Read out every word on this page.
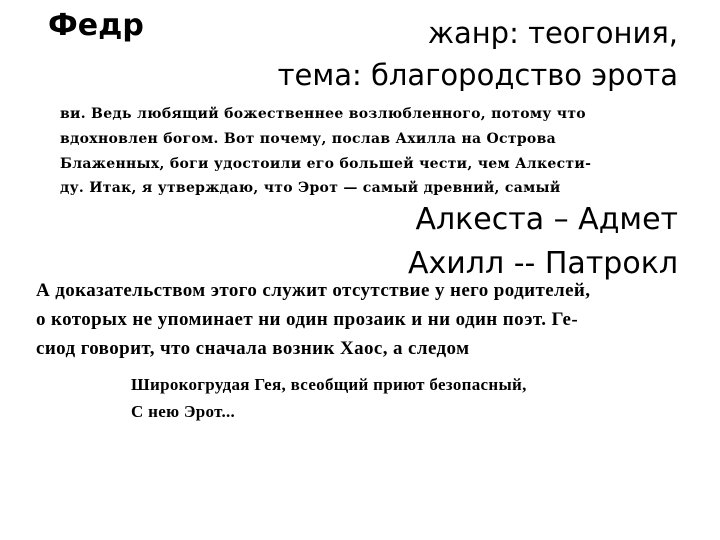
Федр	жанр: теогония,
тема: благородство эрота
ви. Ведь любящий божественнее возлюбленного, потому что
вдохновлен богом. Вот почему, послав Ахилла на Острова
Блаженных, боги удостоили его большей чести, чем Алкести-
ду. Итак, я утверждаю, что Эрот — самый древний, самый
Алкеста – Адмет
Ахилл -- Патрокл
А доказательством этого служит отсутствие у него родителей,
о которых не упоминает ни один прозаик и ни один поэт. Ге-
сиод говорит, что сначала возник Хаос, а следом
Широкогрудая Гея, всеобщий приют безопасный,
С нею Эрот...
